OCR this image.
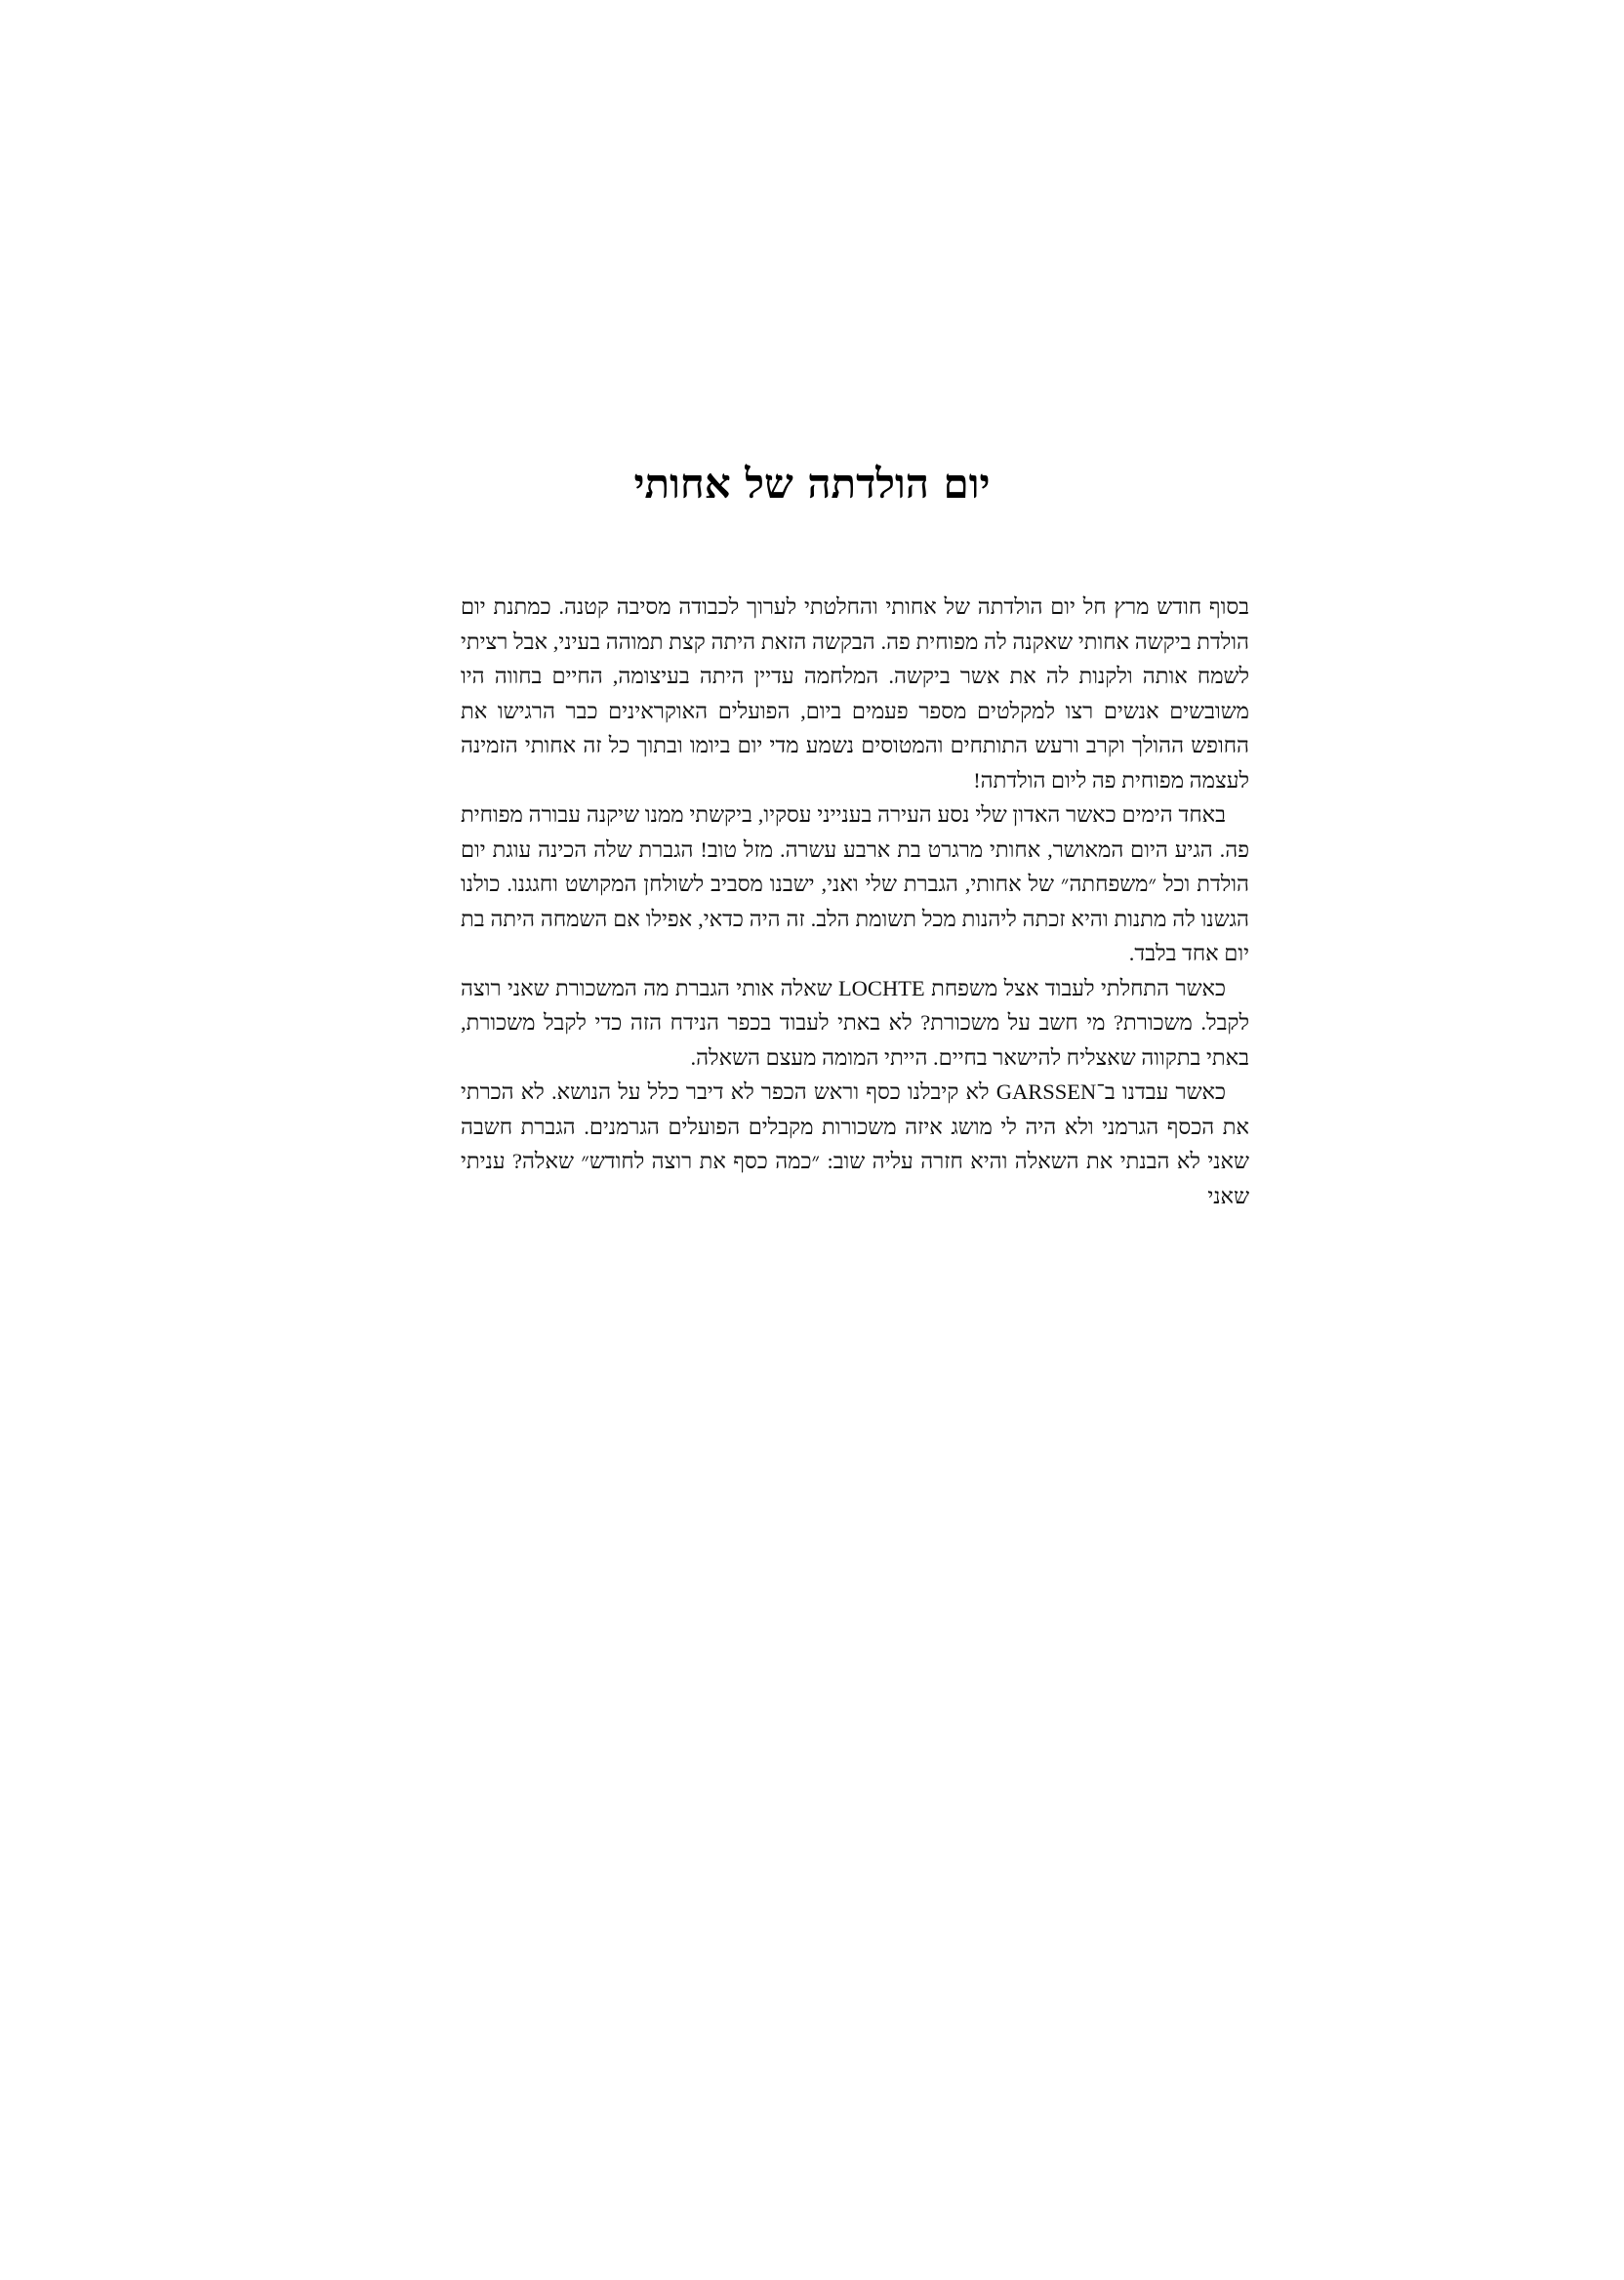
יום הולדתה של אחותי

בסוף חודש מרץ חל יום הולדתה של אחותי והחלטתי לערוך לכבודה מסיבה קטנה. כמתנת יום הולדת ביקשה אחותי שאקנה לה מפוחית פה. הבקשה הזאת היתה קצת תמוהה בעיני, אבל רציתי לשמח אותה ולקנות לה את אשר ביקשה. המלחמה עדיין היתה בעיצומה, החיים בחווה היו משובשים אנשים רצו למקלטים מספר פעמים ביום, הפועלים האוקראינים כבר הרגישו את החופש ההולך וקרב ורעש התותחים והמטוסים נשמע מדי יום ביומו ובתוך כל זה אחותי הזמינה לעצמה מפוחית פה ליום הולדתה!

באחד הימים כאשר האדון שלי נסע העירה בענייני עסקיו, ביקשתי ממנו שיקנה עבורה מפוחית פה. הגיע היום המאושר, אחותי מרגרט בת ארבע עשרה. מזל טוב! הגברת שלה הכינה עוגת יום הולדת וכל ״משפחתה״ של אחותי, הגברת שלי ואני, ישבנו מסביב לשולחן המקושט וחגגנו. כולנו הגשנו לה מתנות והיא זכתה ליהנות מכל תשומת הלב. זה היה כדאי, אפילו אם השמחה היתה בת יום אחד בלבד.

כאשר התחלתי לעבוד אצל משפחת LOCHTE שאלה אותי הגברת מה המשכורת שאני רוצה לקבל. משכורת? מי חשב על משכורת? לא באתי לעבוד בכפר הנידח הזה כדי לקבל משכורת, באתי בתקווה שאצליח להישאר בחיים. הייתי המומה מעצם השאלה.

כאשר עבדנו ב־GARSSEN לא קיבלנו כסף וראש הכפר לא דיבר כלל על הנושא. לא הכרתי את הכסף הגרמני ולא היה לי מושג איזה משכורות מקבלים הפועלים הגרמנים. הגברת חשבה שאני לא הבנתי את השאלה והיא חזרה עליה שוב: ״כמה כסף את רוצה לחודש״ שאלה? עניתי שאני
